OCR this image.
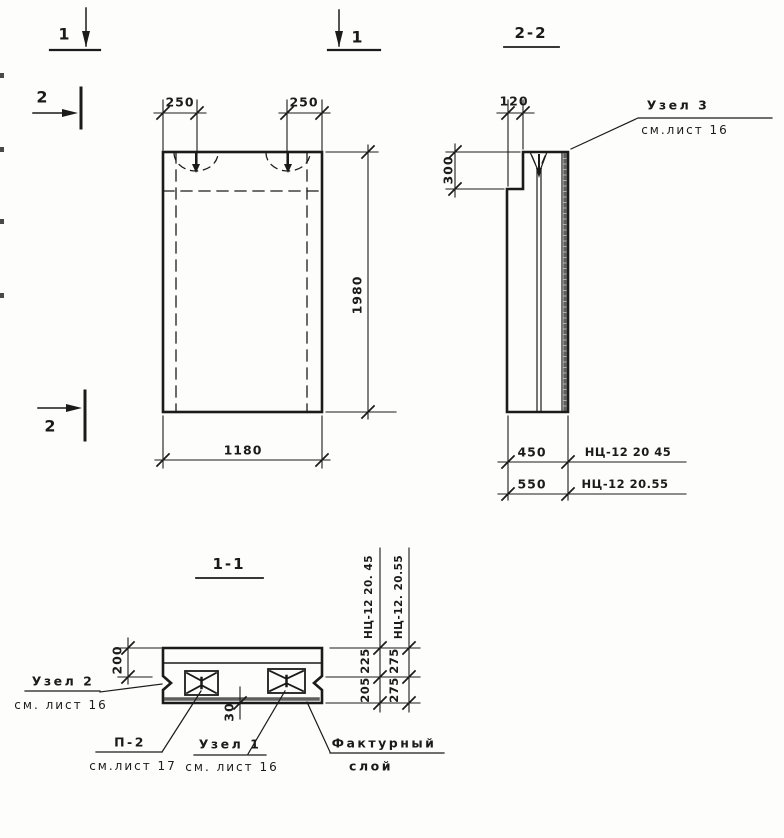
1	1
2
2
250	250
1980
1180
2-2
120
300
Узел 3
см.лист 16
450	НЦ-12 20 45
550	НЦ-12 20.55
1-1
200
30
Узел 2
см. лист 16
П-2
см.лист 17
Узел 1
см. лист 16
Фактурный
слой
НЦ-12 20. 45 НЦ-12. 20.55
225
205
275
275
